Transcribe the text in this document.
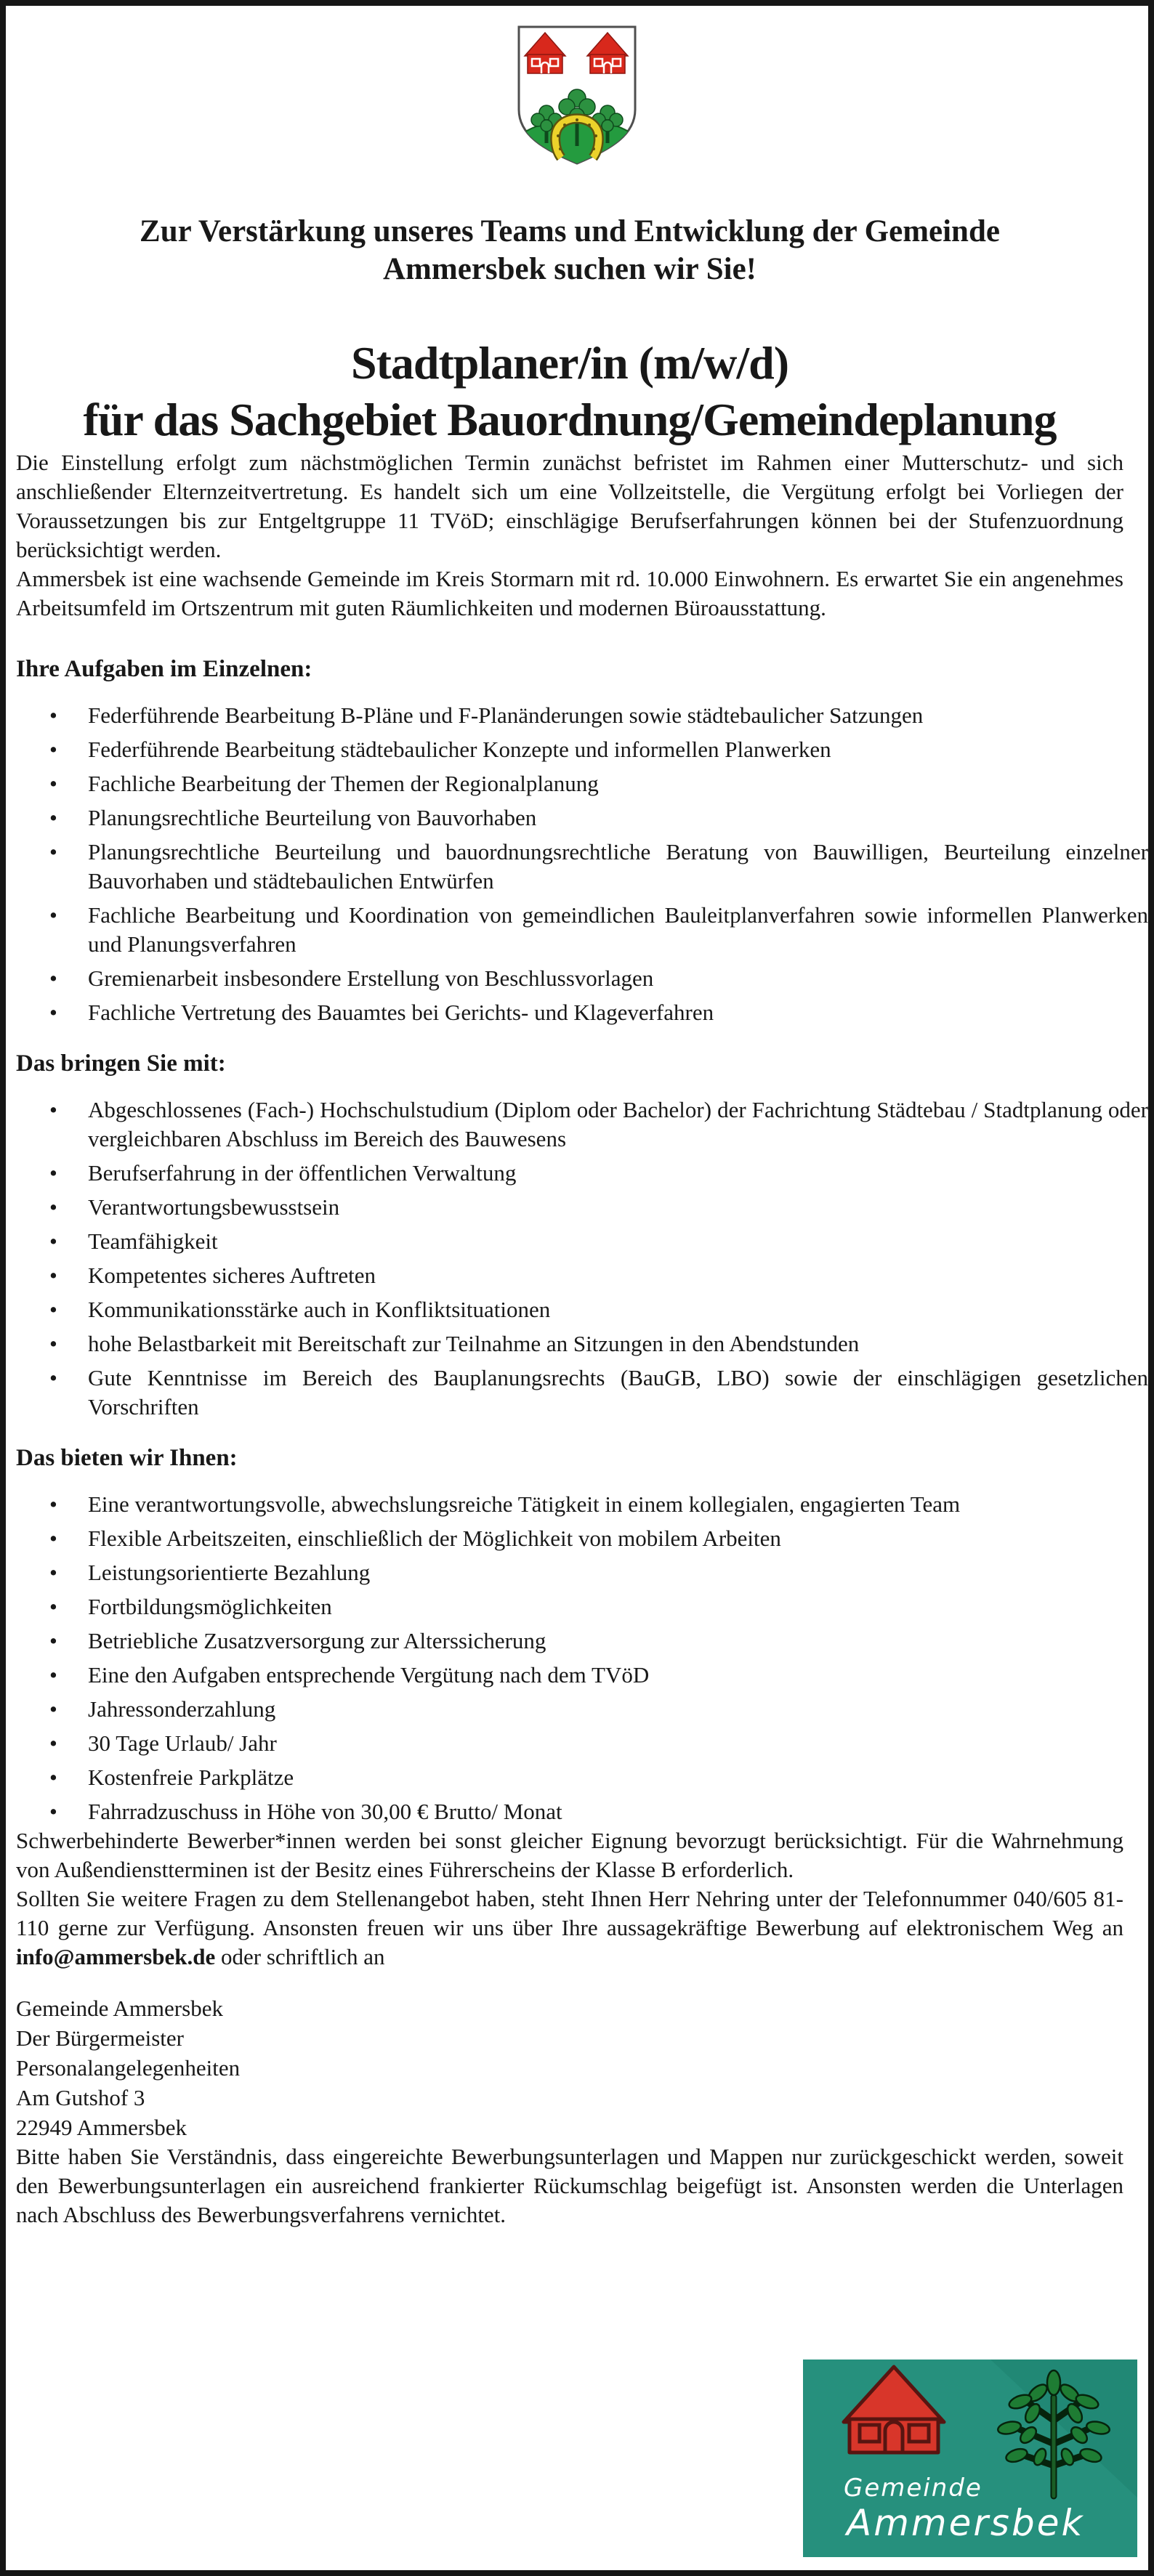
Zur Verstärkung unseres Teams und Entwicklung der Gemeinde
Ammersbek suchen wir Sie!
Stadtplaner/in (m/w/d)
für das Sachgebiet Bauordnung/Gemeindeplanung

Die Einstellung erfolgt zum nächstmöglichen Termin zunächst befristet im Rahmen einer Mutterschutz- und sich anschließender Elternzeitvertretung. Es handelt sich um eine Vollzeitstelle, die Vergütung erfolgt bei Vorliegen der Voraussetzungen bis zur Entgeltgruppe 11 TVöD; einschlägige Berufserfahrungen können bei der Stufenzuordnung berücksichtigt werden.

Ammersbek ist eine wachsende Gemeinde im Kreis Stormarn mit rd. 10.000 Einwohnern. Es erwartet Sie ein angenehmes Arbeitsumfeld im Ortszentrum mit guten Räumlichkeiten und modernen Büroausstattung.

Ihre Aufgaben im Einzelnen:
• Federführende Bearbeitung B-Pläne und F-Planänderungen sowie städtebaulicher Satzungen
• Federführende Bearbeitung städtebaulicher Konzepte und informellen Planwerken
• Fachliche Bearbeitung der Themen der Regionalplanung
• Planungsrechtliche Beurteilung von Bauvorhaben
• Planungsrechtliche Beurteilung und bauordnungsrechtliche Beratung von Bauwilligen, Beurteilung einzelner Bauvorhaben und städtebaulichen Entwürfen
• Fachliche Bearbeitung und Koordination von gemeindlichen Bauleitplanverfahren sowie informellen Planwerken und Planungsverfahren
• Gremienarbeit insbesondere Erstellung von Beschlussvorlagen
• Fachliche Vertretung des Bauamtes bei Gerichts- und Klageverfahren
Das bringen Sie mit:
• Abgeschlossenes (Fach-) Hochschulstudium (Diplom oder Bachelor) der Fachrichtung Städtebau / Stadtplanung oder vergleichbaren Abschluss im Bereich des Bauwesens
• Berufserfahrung in der öffentlichen Verwaltung
• Verantwortungsbewusstsein
• Teamfähigkeit
• Kompetentes sicheres Auftreten
• Kommunikationsstärke auch in Konfliktsituationen
• hohe Belastbarkeit mit Bereitschaft zur Teilnahme an Sitzungen in den Abendstunden
• Gute Kenntnisse im Bereich des Bauplanungsrechts (BauGB, LBO) sowie der einschlägigen gesetzlichen Vorschriften
Das bieten wir Ihnen:
• Eine verantwortungsvolle, abwechslungsreiche Tätigkeit in einem kollegialen, engagierten Team
• Flexible Arbeitszeiten, einschließlich der Möglichkeit von mobilem Arbeiten
• Leistungsorientierte Bezahlung
• Fortbildungsmöglichkeiten
• Betriebliche Zusatzversorgung zur Alterssicherung
• Eine den Aufgaben entsprechende Vergütung nach dem TVöD
• Jahressonderzahlung
• 30 Tage Urlaub/ Jahr
• Kostenfreie Parkplätze
• Fahrradzuschuss in Höhe von 30,00 € Brutto/ Monat

Schwerbehinderte Bewerber*innen werden bei sonst gleicher Eignung bevorzugt berücksichtigt. Für die Wahrnehmung von Außendienstterminen ist der Besitz eines Führerscheins der Klasse B erforderlich.

Sollten Sie weitere Fragen zu dem Stellenangebot haben, steht Ihnen Herr Nehring unter der Telefonnummer 040/605 81-110 gerne zur Verfügung. Ansonsten freuen wir uns über Ihre aussagekräftige Bewerbung auf elektronischem Weg an info@ammersbek.de oder schriftlich an

Gemeinde Ammersbek
Der Bürgermeister
Personalangelegenheiten
Am Gutshof 3
22949 Ammersbek

Bitte haben Sie Verständnis, dass eingereichte Bewerbungsunterlagen und Mappen nur zurückgeschickt werden, soweit den Bewerbungsunterlagen ein ausreichend frankierter Rückumschlag beigefügt ist. Ansonsten werden die Unterlagen nach Abschluss des Bewerbungsverfahrens vernichtet.

Gemeinde
Ammersbek
